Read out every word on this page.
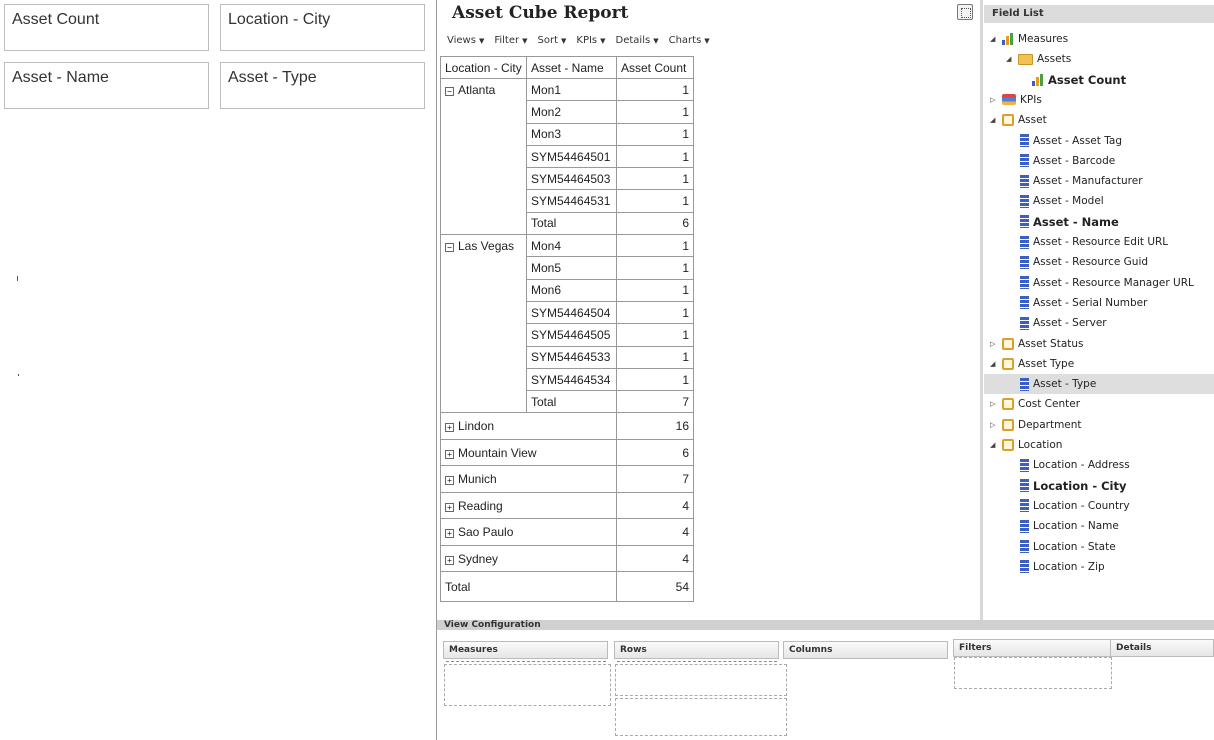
Asset Count	Location - City
Asset - Name	Asset - Type
Asset Cube Report
Views ▼ Filter ▼ Sort ▼ KPIs ▼ Details ▼ Charts ▼
Location - City	Asset - Name	Asset Count
− Atlanta	Mon1	1
	Mon2	1
	Mon3	1
	SYM54464501	1
	SYM54464503	1
	SYM54464531	1
	Total	6
− Las Vegas	Mon4	1
	Mon5	1
	Mon6	1
	SYM54464504	1
	SYM54464505	1
	SYM54464533	1
	SYM54464534	1
	Total	7
+ Lindon		16
+ Mountain View		6
+ Munich		7
+ Reading		4
+ Sao Paulo		4
+ Sydney		4
Total		54
Field List
◢ Measures
◢ Assets
Asset Count
▷ KPIs
◢ Asset
Asset - Asset Tag
Asset - Barcode
Asset - Manufacturer
Asset - Model
Asset - Name
Asset - Resource Edit URL
Asset - Resource Guid
Asset - Resource Manager URL
Asset - Serial Number
Asset - Server
▷ Asset Status
◢ Asset Type
Asset - Type
▷ Cost Center
▷ Department
◢ Location
Location - Address
Location - City
Location - Country
Location - Name
Location - State
Location - Zip
View Configuration
Measures	Rows	Columns	Filters	Details
